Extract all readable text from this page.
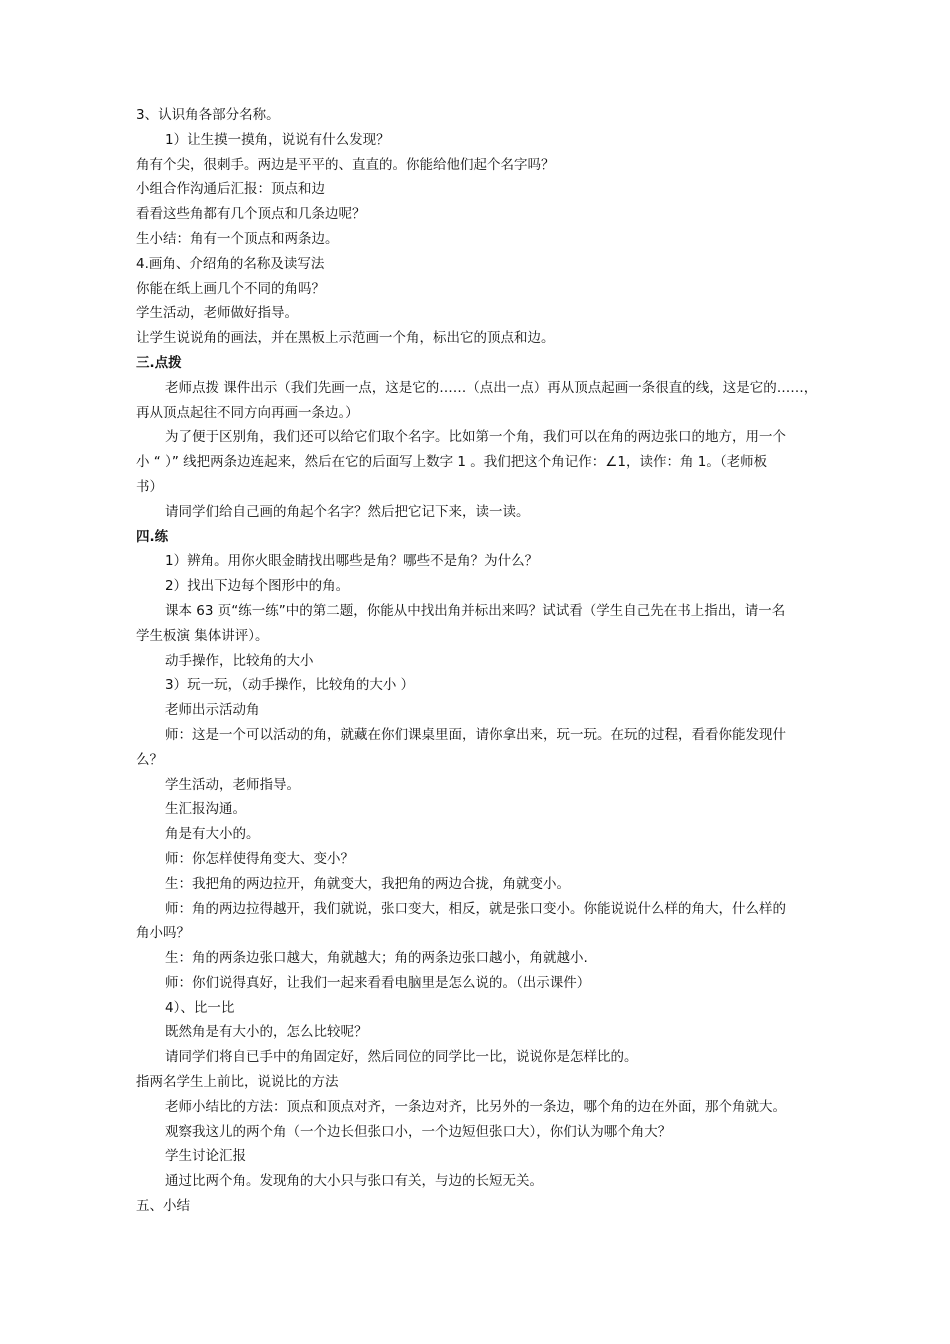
3、认识角各部分名称。

1）让生摸一摸角，说说有什么发现？

角有个尖，很刺手。两边是平平的、直直的。你能给他们起个名字吗？

小组合作沟通后汇报：顶点和边

看看这些角都有几个顶点和几条边呢？

生小结：角有一个顶点和两条边。

4.画角、介绍角的名称及读写法

你能在纸上画几个不同的角吗？

学生活动，老师做好指导。

让学生说说角的画法，并在黑板上示范画一个角，标出它的顶点和边。

三.点拨

老师点拨 课件出示（我们先画一点，这是它的……（点出一点）再从顶点起画一条很直的线，这是它的……，

再从顶点起往不同方向再画一条边。）

为了便于区别角，我们还可以给它们取个名字。比如第一个角，我们可以在角的两边张口的地方，用一个

小 “ ）” 线把两条边连起来，然后在它的后面写上数字 1 。我们把这个角记作：∠1，读作：角 1。（老师板

书）

请同学们给自己画的角起个名字？然后把它记下来，读一读。

四.练

1）辨角。用你火眼金睛找出哪些是角？哪些不是角？为什么？

2）找出下边每个图形中的角。

课本 63 页“练一练”中的第二题，你能从中找出角并标出来吗？试试看（学生自己先在书上指出，请一名

学生板演 集体讲评）。

动手操作，比较角的大小

3）玩一玩，（动手操作，比较角的大小 ）

老师出示活动角

师：这是一个可以活动的角，就藏在你们课桌里面，请你拿出来，玩一玩。在玩的过程，看看你能发现什

么？

学生活动，老师指导。

生汇报沟通。

角是有大小的。

师：你怎样使得角变大、变小？

生：我把角的两边拉开，角就变大，我把角的两边合拢，角就变小。

师：角的两边拉得越开，我们就说，张口变大，相反，就是张口变小。你能说说什么样的角大，什么样的

角小吗？

生：角的两条边张口越大，角就越大；角的两条边张口越小，角就越小.

师：你们说得真好，让我们一起来看看电脑里是怎么说的。（出示课件）

4）、比一比

既然角是有大小的，怎么比较呢？

请同学们将自已手中的角固定好，然后同位的同学比一比，说说你是怎样比的。

指两名学生上前比，说说比的方法

老师小结比的方法：顶点和顶点对齐，一条边对齐，比另外的一条边，哪个角的边在外面，那个角就大。

观察我这儿的两个角（一个边长但张口小，一个边短但张口大），你们认为哪个角大？

学生讨论汇报

通过比两个角。发现角的大小只与张口有关，与边的长短无关。

五、小结
